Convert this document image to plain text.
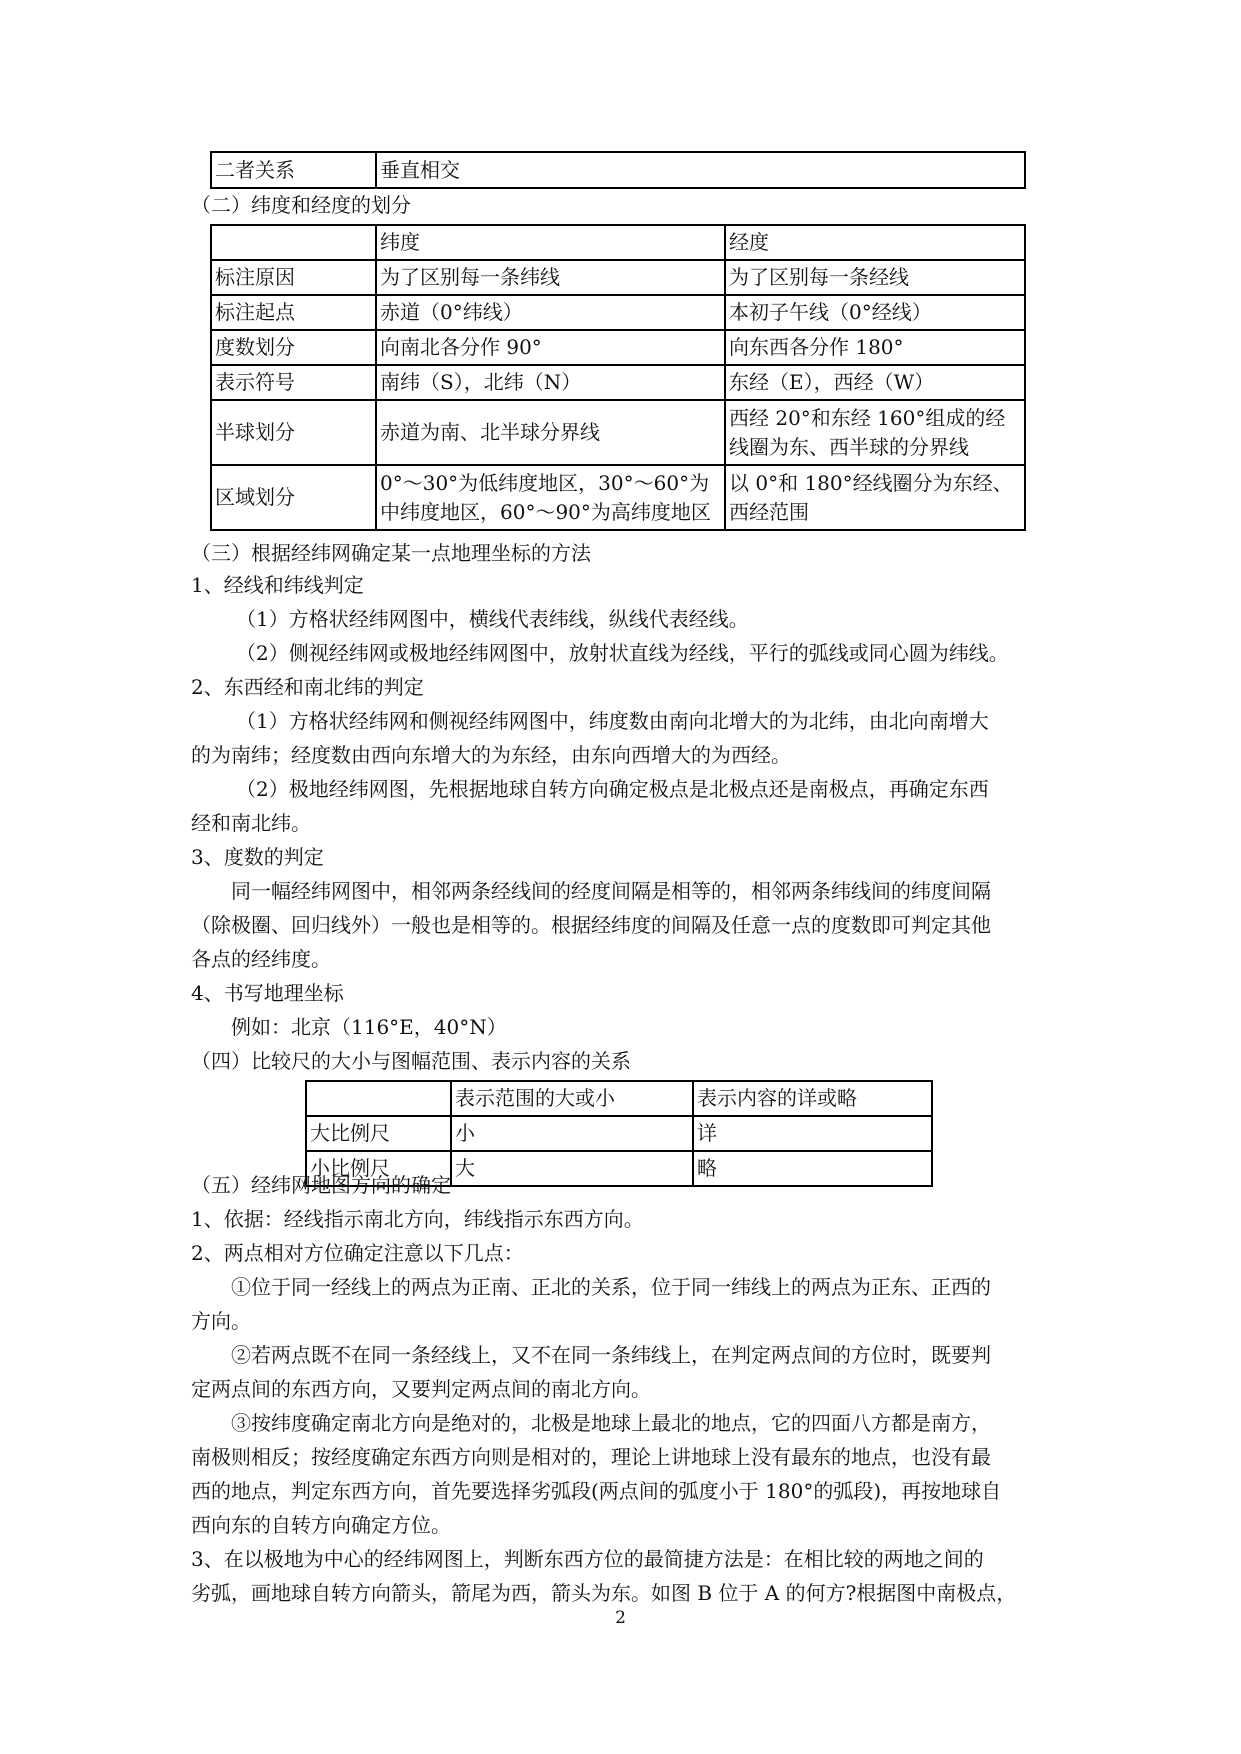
二者关系	垂直相交
（二）纬度和经度的划分
	纬度	经度
标注原因	为了区别每一条纬线	为了区别每一条经线
标注起点	赤道（0°纬线）	本初子午线（0°经线）
度数划分	向南北各分作 90°	向东西各分作 180°
表示符号	南纬（S），北纬（N）	东经（E），西经（W）
半球划分	赤道为南、北半球分界线	西经 20°和东经 160°组成的经线圈为东、西半球的分界线
区域划分	0°～30°为低纬度地区，30°～60°为中纬度地区，60°～90°为高纬度地区	以 0°和 180°经线圈分为东经、西经范围
（三）根据经纬网确定某一点地理坐标的方法
1、经线和纬线判定
（1）方格状经纬网图中，横线代表纬线，纵线代表经线。
（2）侧视经纬网或极地经纬网图中，放射状直线为经线，平行的弧线或同心圆为纬线。
2、东西经和南北纬的判定
（1）方格状经纬网和侧视经纬网图中，纬度数由南向北增大的为北纬，由北向南增大
的为南纬；经度数由西向东增大的为东经，由东向西增大的为西经。
（2）极地经纬网图，先根据地球自转方向确定极点是北极点还是南极点，再确定东西
经和南北纬。
3、度数的判定
同一幅经纬网图中，相邻两条经线间的经度间隔是相等的，相邻两条纬线间的纬度间隔
（除极圈、回归线外）一般也是相等的。根据经纬度的间隔及任意一点的度数即可判定其他
各点的经纬度。
4、书写地理坐标
例如：北京（116°E，40°N）
（四）比较尺的大小与图幅范围、表示内容的关系
	表示范围的大或小	表示内容的详或略
大比例尺	小	详
小比例尺	大	略
（五）经纬网地图方向的确定
1、依据：经线指示南北方向，纬线指示东西方向。
2、两点相对方位确定注意以下几点：
①位于同一经线上的两点为正南、正北的关系，位于同一纬线上的两点为正东、正西的
方向。
②若两点既不在同一条经线上，又不在同一条纬线上，在判定两点间的方位时，既要判
定两点间的东西方向，又要判定两点间的南北方向。
③按纬度确定南北方向是绝对的，北极是地球上最北的地点，它的四面八方都是南方，
南极则相反；按经度确定东西方向则是相对的，理论上讲地球上没有最东的地点，也没有最
西的地点，判定东西方向，首先要选择劣弧段(两点间的弧度小于 180°的弧段)，再按地球自
西向东的自转方向确定方位。
3、在以极地为中心的经纬网图上，判断东西方位的最简捷方法是：在相比较的两地之间的
劣弧，画地球自转方向箭头，箭尾为西，箭头为东。如图 B 位于 A 的何方?根据图中南极点，
2
